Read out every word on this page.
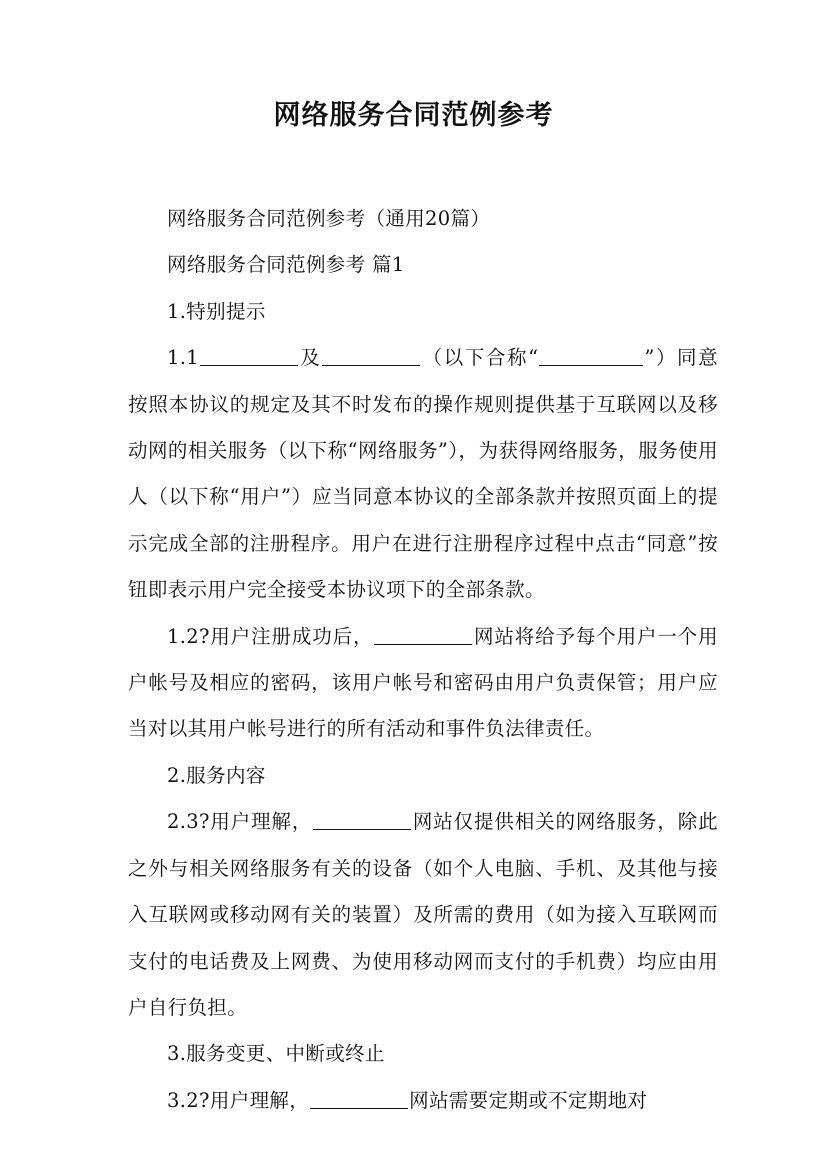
网络服务合同范例参考

网络服务合同范例参考（通用20篇）

网络服务合同范例参考 篇1

1.特别提示

1.1	及	（以下合称“	”）同意按照本协议的规定及其不时发布的操作规则提供基于互联网以及移动网的相关服务（以下称“网络服务”），为获得网络服务，服务使用人（以下称“用户”）应当同意本协议的全部条款并按照页面上的提示完成全部的注册程序。用户在进行注册程序过程中点击“同意”按钮即表示用户完全接受本协议项下的全部条款。

1.2?用户注册成功后，	网站将给予每个用户一个用户帐号及相应的密码，该用户帐号和密码由用户负责保管；用户应当对以其用户帐号进行的所有活动和事件负法律责任。

2.服务内容

2.3?用户理解，	网站仅提供相关的网络服务，除此之外与相关网络服务有关的设备（如个人电脑、手机、及其他与接入互联网或移动网有关的装置）及所需的费用（如为接入互联网而支付的电话费及上网费、为使用移动网而支付的手机费）均应由用户自行负担。

3.服务变更、中断或终止

3.2?用户理解，	网站需要定期或不定期地对
